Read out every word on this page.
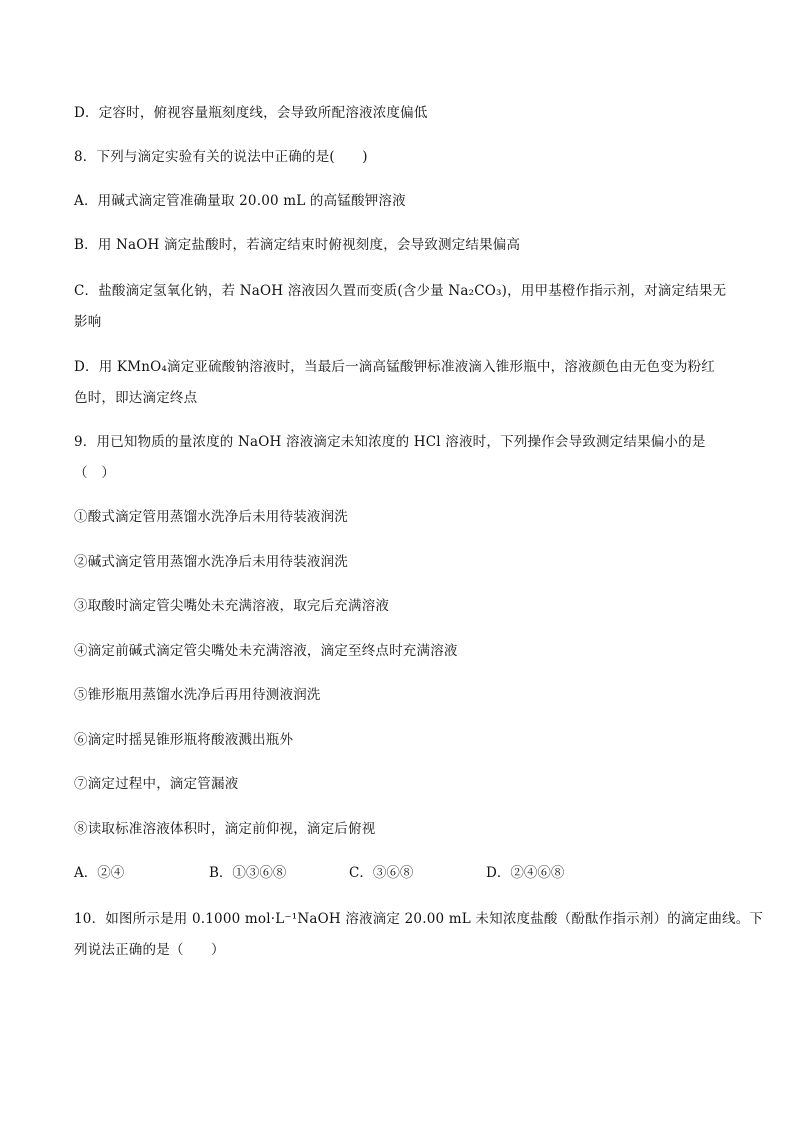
D．定容时，俯视容量瓶刻度线，会导致所配溶液浓度偏低
8．下列与滴定实验有关的说法中正确的是(　　)
A．用碱式滴定管准确量取 20.00 mL 的高锰酸钾溶液
B．用 NaOH 滴定盐酸时，若滴定结束时俯视刻度，会导致测定结果偏高
C．盐酸滴定氢氧化钠，若 NaOH 溶液因久置而变质(含少量 Na₂CO₃)，用甲基橙作指示剂，对滴定结果无
影响
D．用 KMnO₄滴定亚硫酸钠溶液时，当最后一滴高锰酸钾标准液滴入锥形瓶中，溶液颜色由无色变为粉红
色时，即达滴定终点
9．用已知物质的量浓度的 NaOH 溶液滴定未知浓度的 HCl 溶液时，下列操作会导致测定结果偏小的是
（　）
①酸式滴定管用蒸馏水洗净后未用待装液润洗
②碱式滴定管用蒸馏水洗净后未用待装液润洗
③取酸时滴定管尖嘴处未充满溶液，取完后充满溶液
④滴定前碱式滴定管尖嘴处未充满溶液，滴定至终点时充满溶液
⑤锥形瓶用蒸馏水洗净后再用待测液润洗
⑥滴定时摇晃锥形瓶将酸液溅出瓶外
⑦滴定过程中，滴定管漏液
⑧读取标准溶液体积时，滴定前仰视，滴定后俯视
A．②④	B．①③⑥⑧	C．③⑥⑧	D．②④⑥⑧
10．如图所示是用 0.1000 mol·L⁻¹NaOH 溶液滴定 20.00 mL 未知浓度盐酸（酚酞作指示剂）的滴定曲线。下
列说法正确的是（　　）
